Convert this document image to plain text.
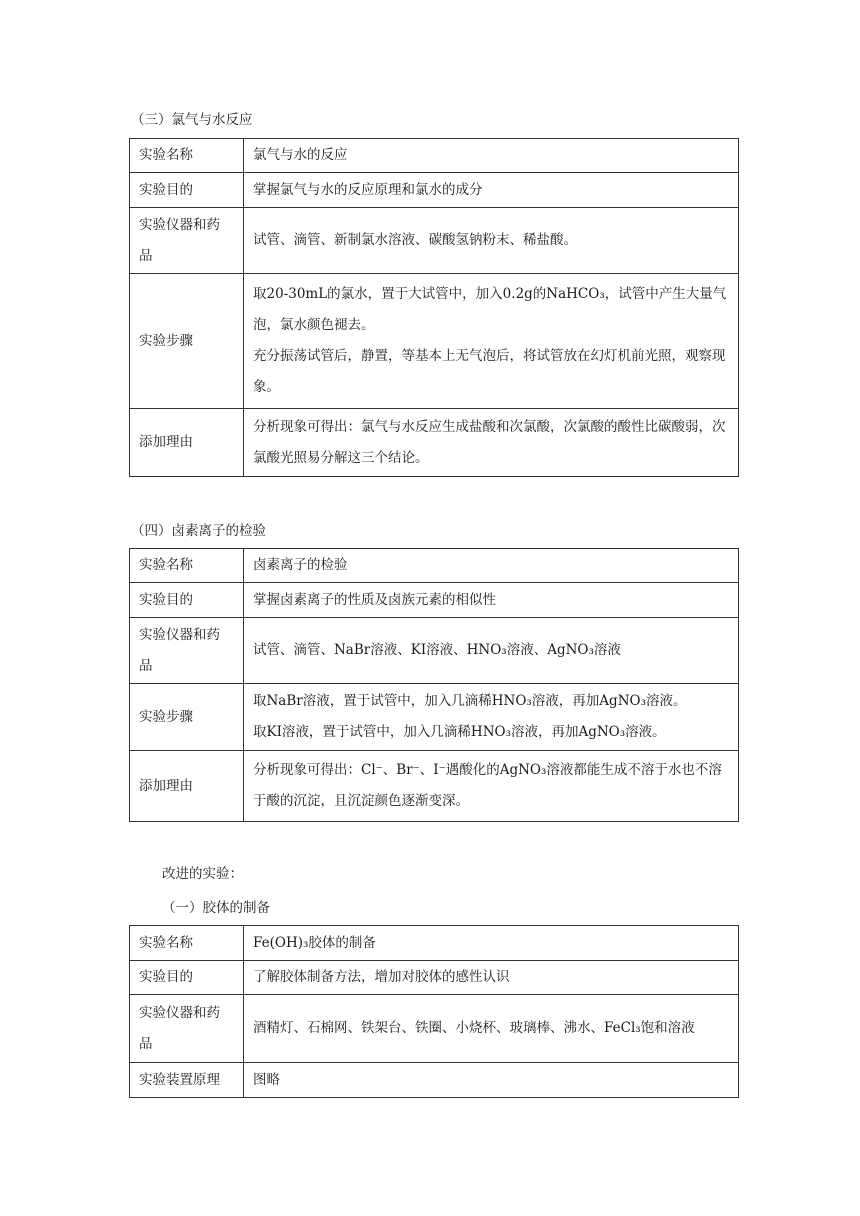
（三）氯气与水反应
实验名称	氯气与水的反应
实验目的	掌握氯气与水的反应原理和氯水的成分
实验仪器和药品	试管、滴管、新制氯水溶液、碳酸氢钠粉末、稀盐酸。
实验步骤	取20-30mL的氯水，置于大试管中，加入0.2g的NaHCO₃，试管中产生大量气泡，氯水颜色褪去。
充分振荡试管后，静置，等基本上无气泡后，将试管放在幻灯机前光照，观察现象。

添加理由	分析现象可得出：氯气与水反应生成盐酸和次氯酸，次氯酸的酸性比碳酸弱，次氯酸光照易分解这三个结论。
（四）卤素离子的检验
实验名称	卤素离子的检验
实验目的	掌握卤素离子的性质及卤族元素的相似性
实验仪器和药品	试管、滴管、NaBr溶液、KI溶液、HNO₃溶液、AgNO₃溶液
实验步骤	取NaBr溶液，置于试管中，加入几滴稀HNO₃溶液，再加AgNO₃溶液。
取KI溶液，置于试管中，加入几滴稀HNO₃溶液，再加AgNO₃溶液。

添加理由	分析现象可得出：Cl⁻、Br⁻、I⁻遇酸化的AgNO₃溶液都能生成不溶于水也不溶于酸的沉淀，且沉淀颜色逐渐变深。
改进的实验：
（一）胶体的制备
实验名称	Fe(OH)₃胶体的制备
实验目的	了解胶体制备方法，增加对胶体的感性认识
实验仪器和药品	酒精灯、石棉网、铁架台、铁圈、小烧杯、玻璃棒、沸水、FeCl₃饱和溶液
实验装置原理	图略
